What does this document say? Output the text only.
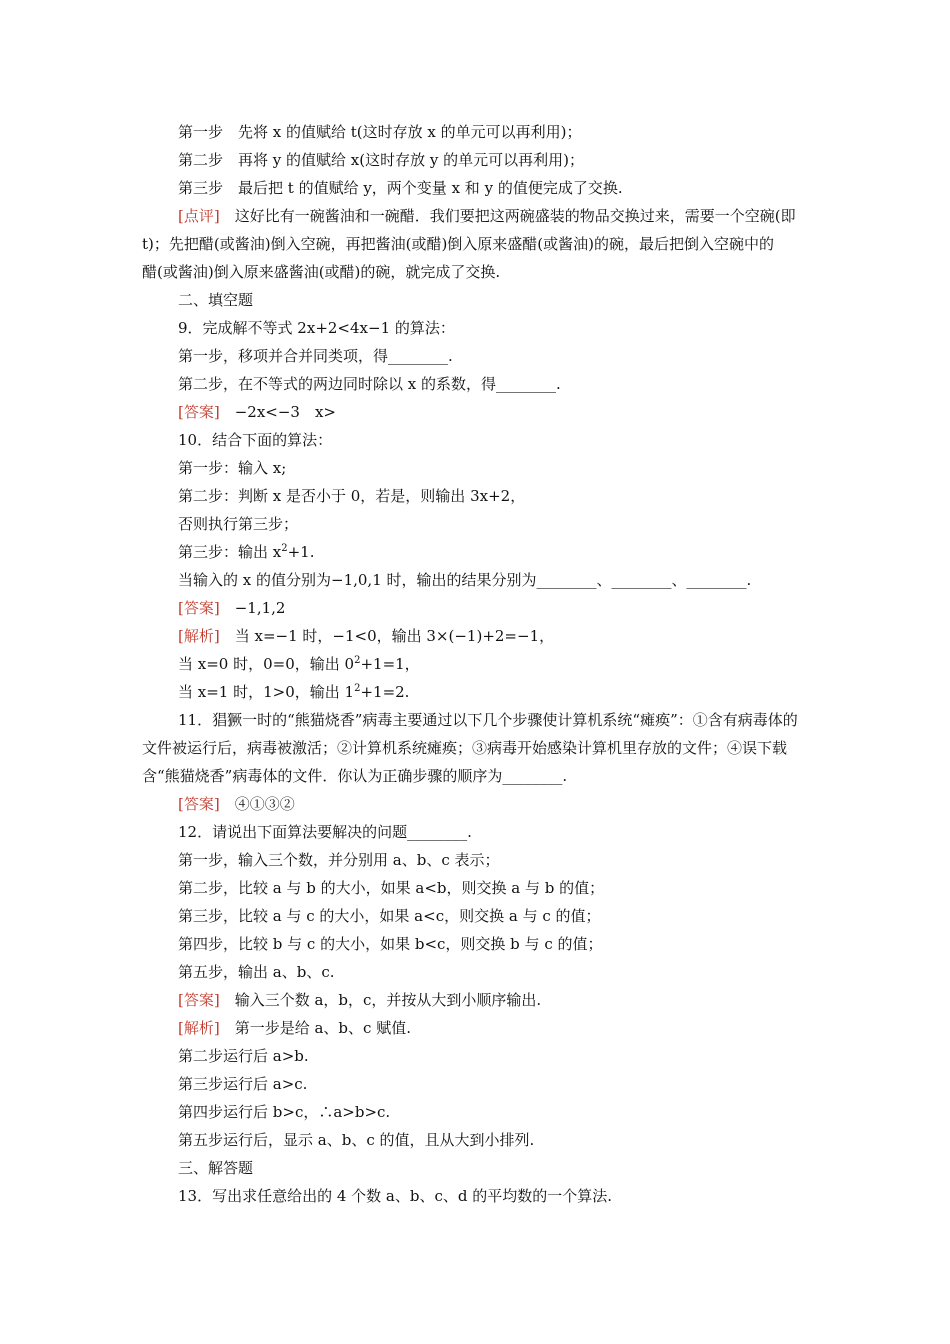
第一步　先将 x 的值赋给 t(这时存放 x 的单元可以再利用)；
第二步　再将 y 的值赋给 x(这时存放 y 的单元可以再利用)；
第三步　最后把 t 的值赋给 y，两个变量 x 和 y 的值便完成了交换.
[点评]　这好比有一碗酱油和一碗醋．我们要把这两碗盛装的物品交换过来，需要一个空碗(即
t)；先把醋(或酱油)倒入空碗，再把酱油(或醋)倒入原来盛醋(或酱油)的碗，最后把倒入空碗中的
醋(或酱油)倒入原来盛酱油(或醋)的碗，就完成了交换.
二、填空题
9．完成解不等式 2x+2<4x−1 的算法：
第一步，移项并合并同类项，得________.
第二步，在不等式的两边同时除以 x 的系数，得________.
[答案]　−2x<−3　x>
10．结合下面的算法：
第一步：输入 x;
第二步：判断 x 是否小于 0，若是，则输出 3x+2，
否则执行第三步；
第三步：输出 $x^2+1$.
当输入的 x 的值分别为−1,0,1 时，输出的结果分别为________、________、________.
[答案]　−1,1,2
[解析]　当 x=−1 时，−1<0，输出 3×(−1)+2=−1，
当 x=0 时，0=0，输出 $0^2+1=1$，
当 x=1 时，1>0，输出 $1^2+1=2$.
11．猖獗一时的“熊猫烧香”病毒主要通过以下几个步骤使计算机系统“瘫痪”：①含有病毒体的
文件被运行后，病毒被激活；②计算机系统瘫痪；③病毒开始感染计算机里存放的文件；④误下载
含“熊猫烧香”病毒体的文件．你认为正确步骤的顺序为________.
[答案]　④①③②
12．请说出下面算法要解决的问题________.
第一步，输入三个数，并分别用 a、b、c 表示；
第二步，比较 a 与 b 的大小，如果 a<b，则交换 a 与 b 的值；
第三步，比较 a 与 c 的大小，如果 a<c，则交换 a 与 c 的值；
第四步，比较 b 与 c 的大小，如果 b<c，则交换 b 与 c 的值；
第五步，输出 a、b、c.
[答案]　输入三个数 a，b，c，并按从大到小顺序输出.
[解析]　第一步是给 a、b、c 赋值.
第二步运行后 a>b.
第三步运行后 a>c.
第四步运行后 b>c，∴a>b>c.
第五步运行后，显示 a、b、c 的值，且从大到小排列.
三、解答题
13．写出求任意给出的 4 个数 a、b、c、d 的平均数的一个算法.
